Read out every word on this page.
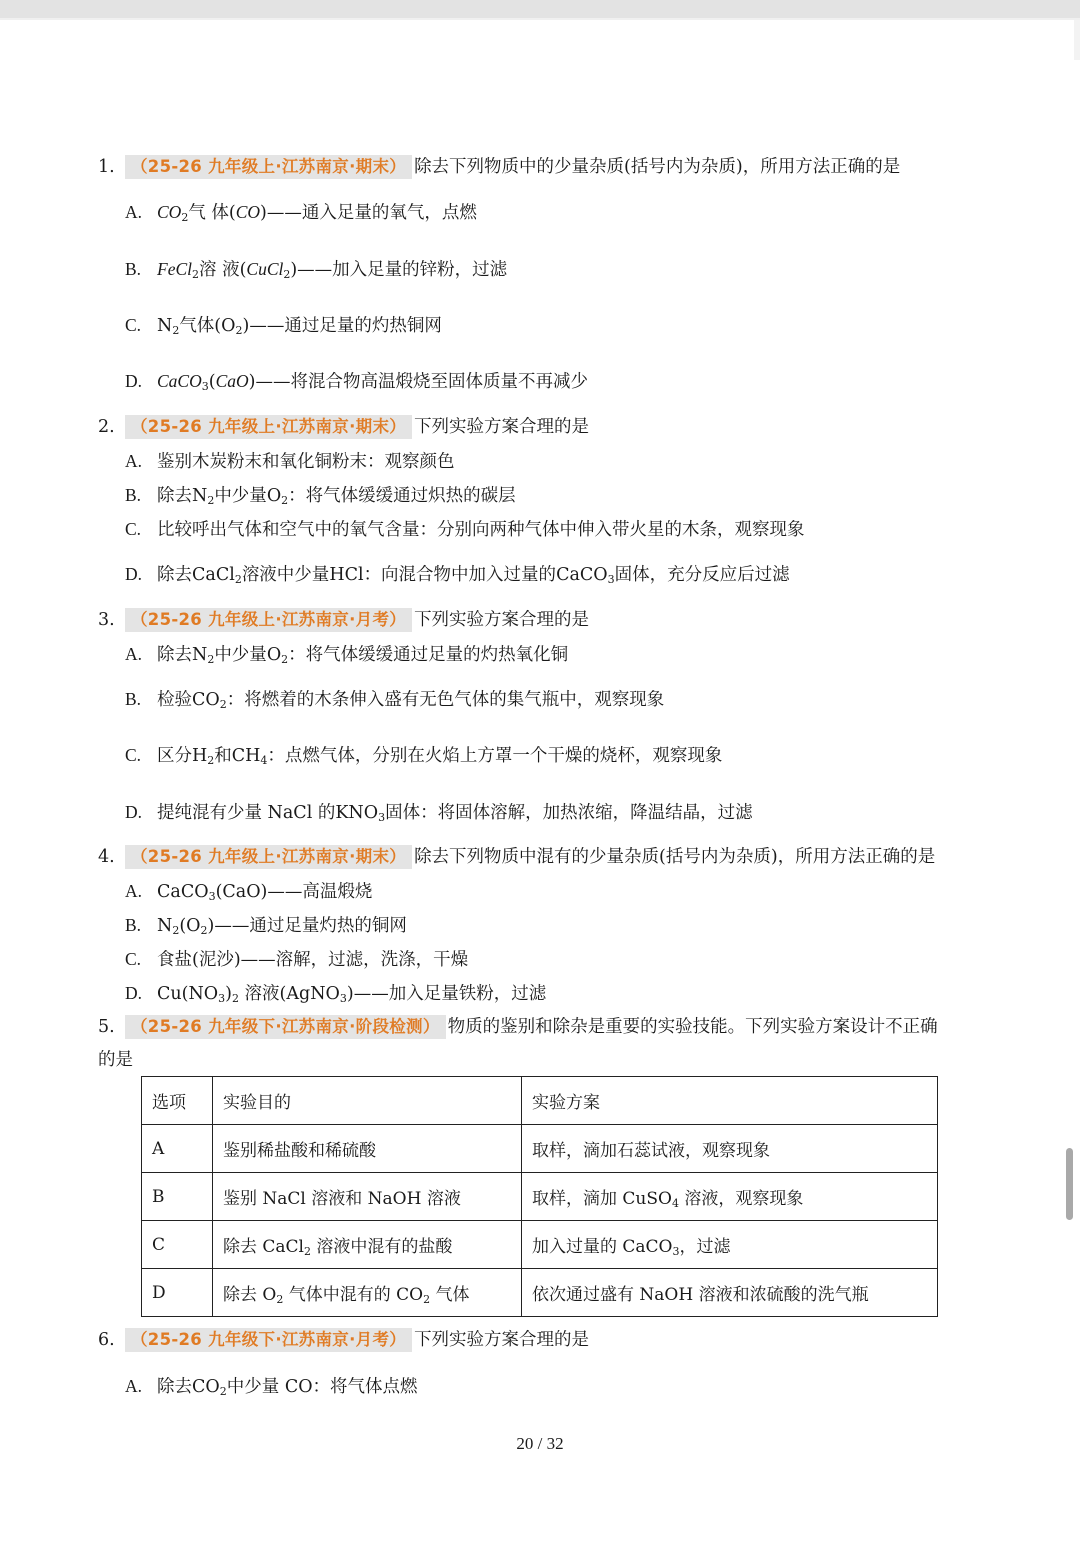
1. （25-26 九年级上·江苏南京·期末） 除去下列物质中的少量杂质(括号内为杂质)，所用方法正确的是
A. $CO_2$气 体(CO)——通入足量的氧气，点燃
B. FeCl$_2$溶 液(CuCl$_2$)——加入足量的锌粉，过滤
C. $N_2$气体$(O_2)——$通过足量的灼热铜网
D. CaCO$_3$(CaO)——将混合物高温煅烧至固体质量不再减少
2. （25-26 九年级上·江苏南京·期末） 下列实验方案合理的是
A. 鉴别木炭粉末和氧化铜粉末：观察颜色
B. 除去$N_2$中少量$O_2$：将气体缓缓通过炽热的碳层
C. 比较呼出气体和空气中的氧气含量：分别向两种气体中伸入带火星的木条，观察现象
D. 除去CaCl$_2$溶液中少量HCl：向混合物中加入过量的CaCO$_3$固体，充分反应后过滤
3. （25-26 九年级上·江苏南京·月考） 下列实验方案合理的是
A. 除去$N_2$中少量$O_2$：将气体缓缓通过足量的灼热氧化铜
B. 检验$CO_2$：将燃着的木条伸入盛有无色气体的集气瓶中，观察现象
C. 区分$H_2$和$CH_4$：点燃气体，分别在火焰上方罩一个干燥的烧杯，观察现象
D. 提纯混有少量 NaCl 的$KNO_3$固体：将固体溶解，加热浓缩，降温结晶，过滤
4. （25-26 九年级上·江苏南京·期末） 除去下列物质中混有的少量杂质(括号内为杂质)，所用方法正确的是
A. CaCO$_3$(CaO)——高温煅烧
B. $N_2(O_2)——$通过足量灼热的铜网
C. 食盐(泥沙)——溶解，过滤，洗涤，干燥
D. $Cu(NO_3)_2$ 溶液(AgNO$_3$)——加入足量铁粉，过滤
5. （25-26 九年级下·江苏南京·阶段检测） 物质的鉴别和除杂是重要的实验技能。下列实验方案设计不正确
的是
选项	实验目的	实验方案
A	鉴别稀盐酸和稀硫酸	取样，滴加石蕊试液，观察现象
B	鉴别 NaCl 溶液和 NaOH 溶液	取样，滴加 CuSO$_4$ 溶液，观察现象
C	除去 CaCl$_2$ 溶液中混有的盐酸	加入过量的 CaCO$_3$，过滤
D	除去 $O_2$ 气体中混有的 $CO_2$ 气体	依次通过盛有 NaOH 溶液和浓硫酸的洗气瓶
6. （25-26 九年级下·江苏南京·月考） 下列实验方案合理的是
A. 除去$CO_2$中少量 CO：将气体点燃
20 / 32
